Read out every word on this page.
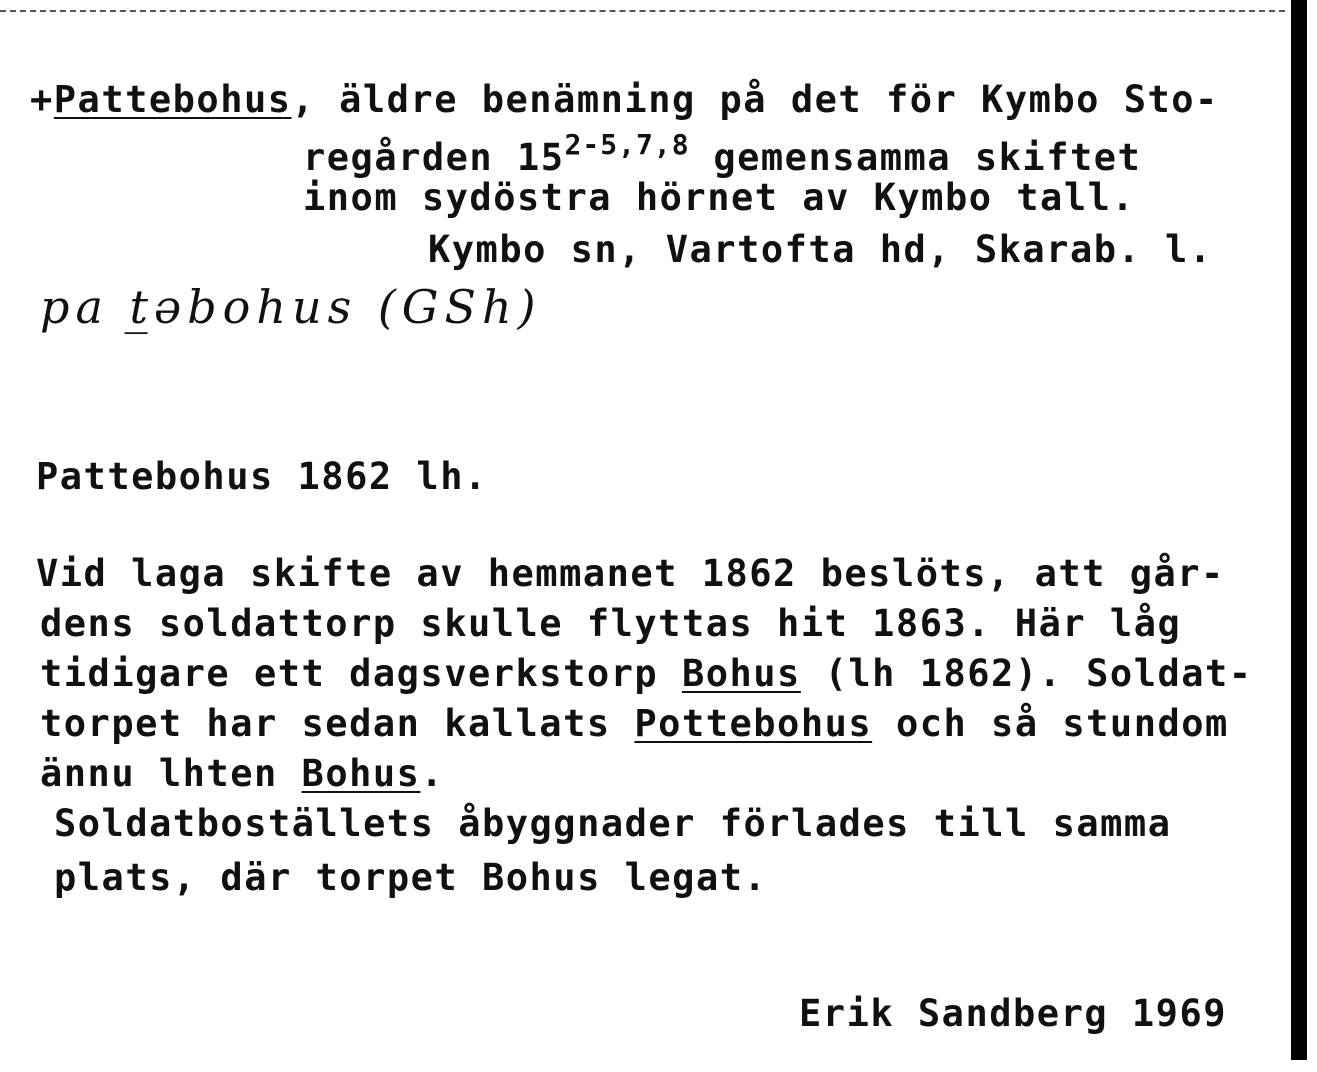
+Pattebohus, äldre benämning på det för Kymbo Sto-
regården 15$^{2-5,7,8}$ gemensamma skiftet
inom sydöstra hörnet av Kymbo tall.
Kymbo sn, Vartofta hd, Skarab. l.
pa t̲əbohus (GSh)
Pattebohus 1862 lh.
Vid laga skifte av hemmanet 1862 beslöts, att går-
dens soldattorp skulle flyttas hit 1863. Här låg
tidigare ett dagsverkstorp Bohus (lh 1862). Soldat-
torpet har sedan kallats Pottebohus och så stundom
ännu lhten Bohus.
Soldatboställets åbyggnader förlades till samma
plats, där torpet Bohus legat.
Erik Sandberg 1969
